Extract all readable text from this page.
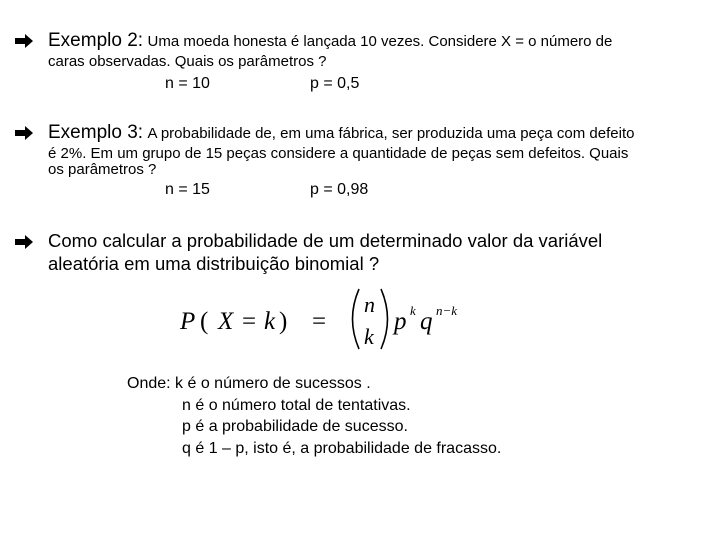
Exemplo 2: Uma moeda honesta é lançada 10 vezes. Considere X = o número de
caras observadas. Quais os parâmetros ?
n = 10	p = 0,5
Exemplo 3: A probabilidade de, em uma fábrica, ser produzida uma peça com defeito
é 2%. Em um grupo de 15 peças considere a quantidade de peças sem defeitos. Quais
os parâmetros ?
n = 15	p = 0,98
Como calcular a probabilidade de um determinado valor da variável
aleatória em uma distribuição binomial ?
P ( X = k ) =
n
k
p k q n−k
Onde: k é o número de sucessos .
n é o número total de tentativas.
p é a probabilidade de sucesso.
q é 1 – p, isto é, a probabilidade de fracasso.
